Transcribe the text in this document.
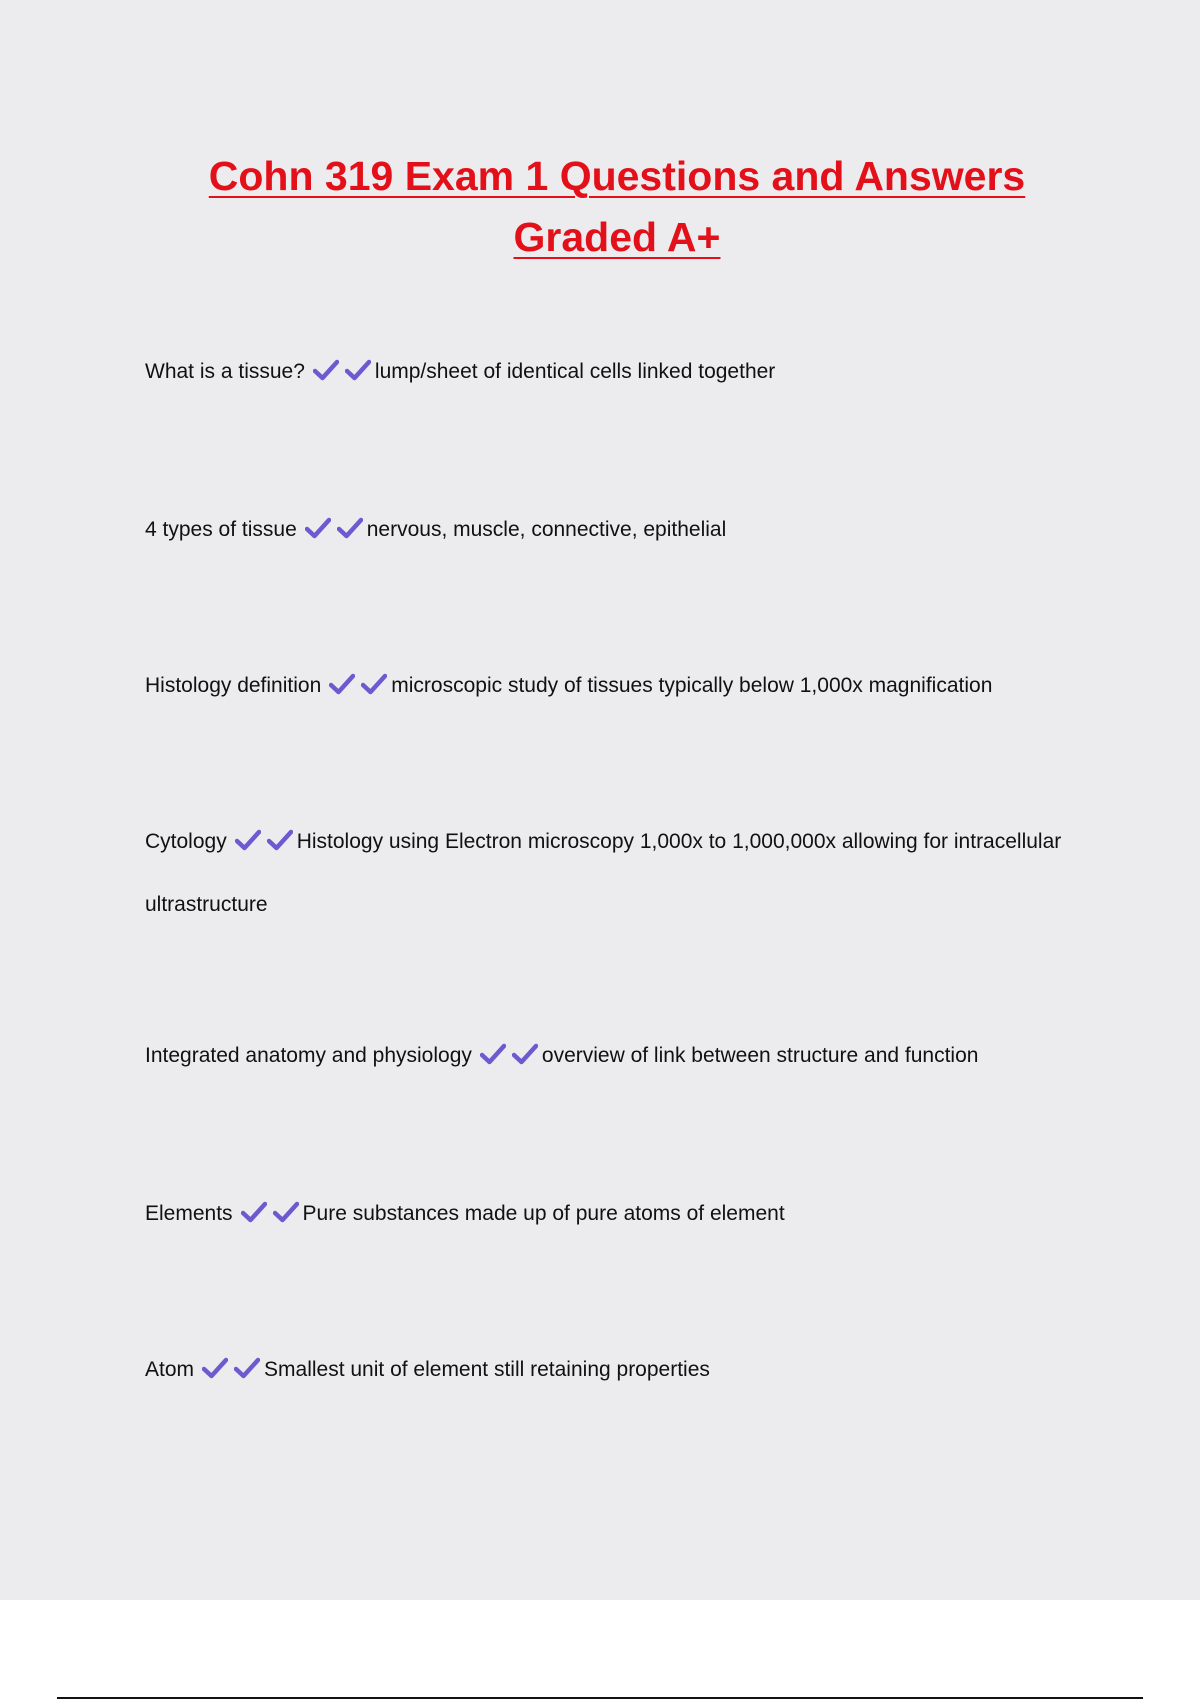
Cohn 319 Exam 1 Questions and Answers
Graded A+

What is a tissue?	lump/sheet of identical cells linked together

4 types of tissue	nervous, muscle, connective, epithelial

Histology definition	microscopic study of tissues typically below 1,000x magnification

Cytology	Histology using Electron microscopy 1,000x to 1,000,000x allowing for intracellular ultrastructure

Integrated anatomy and physiology	overview of link between structure and function

Elements	Pure substances made up of pure atoms of element

Atom	Smallest unit of element still retaining properties
